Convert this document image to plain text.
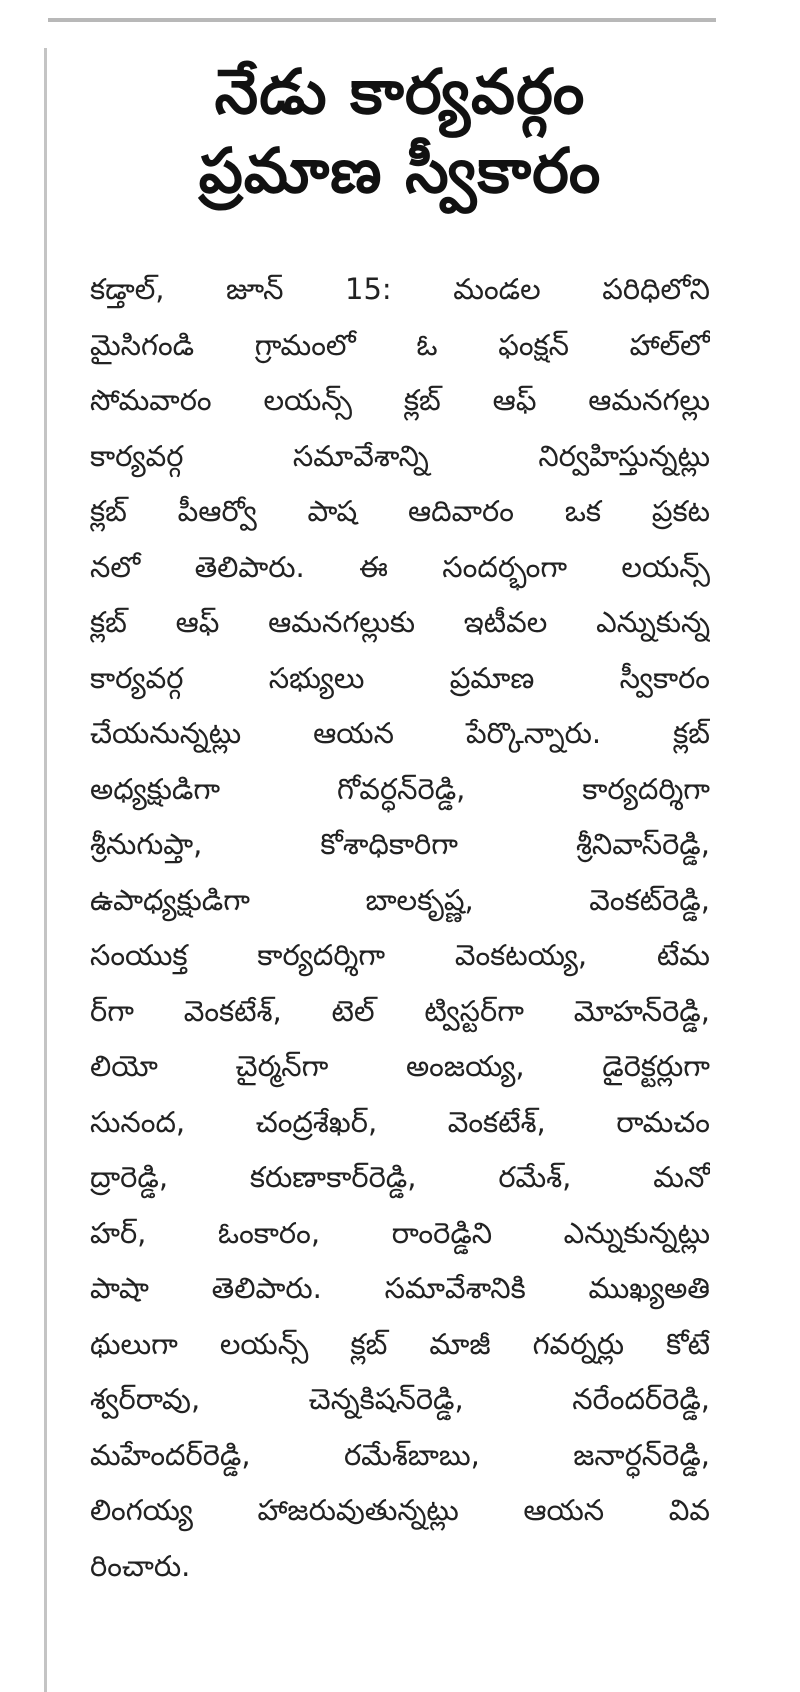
నేడు కార్యవర్గం
ప్రమాణ స్వీకారం
కడ్తాల్, జూన్ 15: మండల పరిధిలోని
మైసిగండి గ్రామంలో ఓ ఫంక్షన్ హాల్‌లో
సోమవారం లయన్స్ క్లబ్ ఆఫ్ ఆమనగల్లు
కార్యవర్గ సమావేశాన్ని నిర్వహిస్తున్నట్లు
క్లబ్ పీఆర్వో పాష ఆదివారం ఒక ప్రకట
నలో తెలిపారు. ఈ సందర్భంగా లయన్స్
క్లబ్ ఆఫ్ ఆమనగల్లుకు ఇటీవల ఎన్నుకున్న
కార్యవర్గ సభ్యులు ప్రమాణ స్వీకారం
చేయనున్నట్లు ఆయన పేర్కొన్నారు. క్లబ్
అధ్యక్షుడిగా గోవర్ధన్‌రెడ్డి, కార్యదర్శిగా
శ్రీనుగుప్తా, కోశాధికారిగా శ్రీనివాస్‌రెడ్డి,
ఉపాధ్యక్షుడిగా బాలకృష్ణ, వెంకట్‌రెడ్డి,
సంయుక్త కార్యదర్శిగా వెంకటయ్య, టేమ
ర్‌గా వెంకటేశ్, టెల్ ట్విస్టర్‌గా మోహన్‌రెడ్డి,
లియో చైర్మన్‌గా అంజయ్య, డైరెక్టర్లుగా
సునంద, చంద్రశేఖర్, వెంకటేశ్, రామచం
ద్రారెడ్డి, కరుణాకార్‌రెడ్డి, రమేశ్, మనో
హర్, ఓంకారం, రాంరెడ్డిని ఎన్నుకున్నట్లు
పాషా తెలిపారు. సమావేశానికి ముఖ్యఅతి
థులుగా లయన్స్ క్లబ్ మాజీ గవర్నర్లు కోటే
శ్వర్‌రావు, చెన్నకిషన్‌రెడ్డి, నరేందర్‌రెడ్డి,
మహేందర్‌రెడ్డి, రమేశ్‌బాబు, జనార్ధన్‌రెడ్డి,
లింగయ్య హాజరువుతున్నట్లు ఆయన వివ
రించారు.
